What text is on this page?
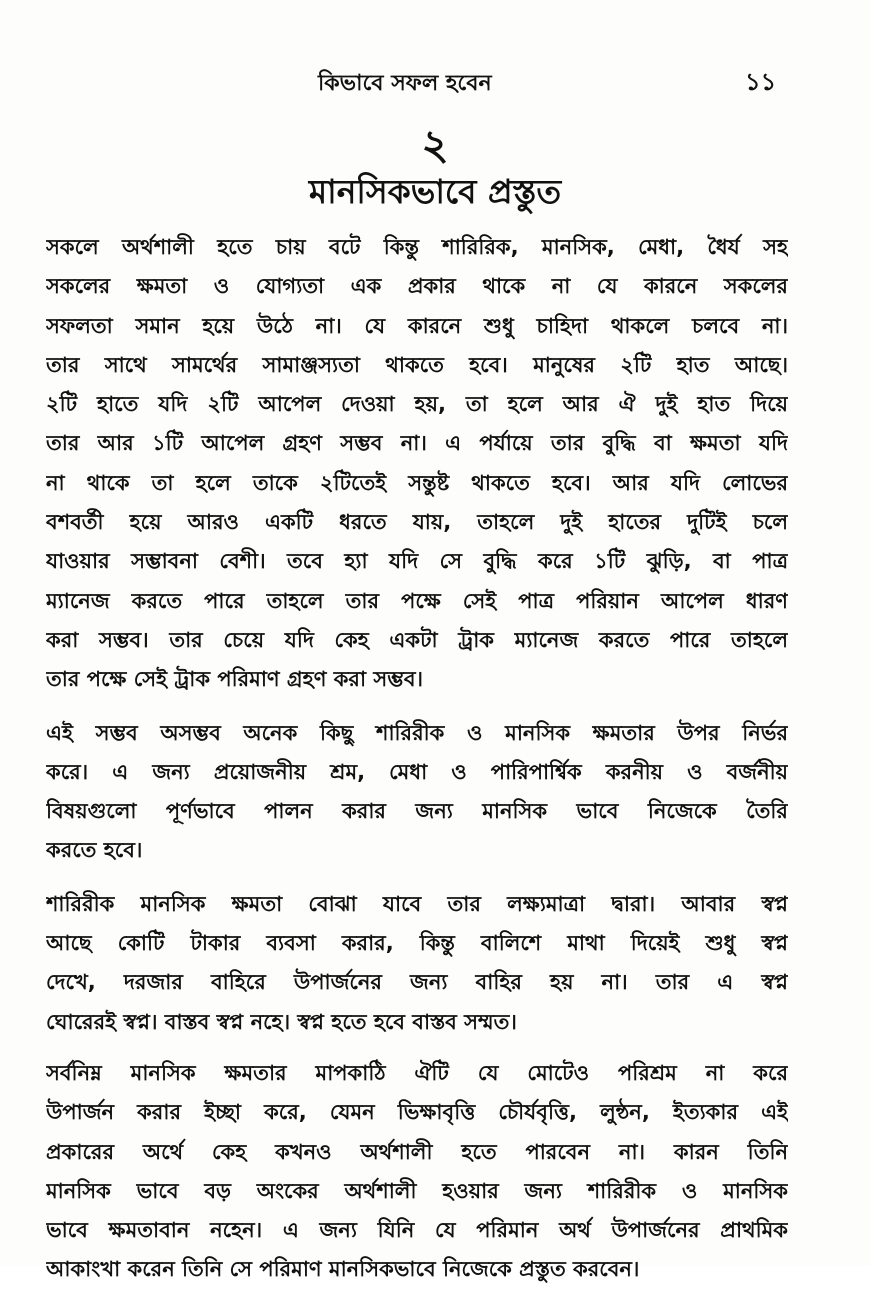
কিভাবে সফল হবেন	১১
২
মানসিকভাবে প্রস্তুত
সকলে অর্থশালী হতে চায় বটে কিন্তু শারিরিক, মানসিক, মেধা, ধৈর্য সহ
সকলের ক্ষমতা ও যোগ্যতা এক প্রকার থাকে না যে কারনে সকলের
সফলতা সমান হয়ে উঠে না। যে কারনে শুধু চাহিদা থাকলে চলবে না।
তার সাথে সামর্থের সামাঞ্জস্যতা থাকতে হবে। মানুষের ২টি হাত আছে।
২টি হাতে যদি ২টি আপেল দেওয়া হয়, তা হলে আর ঐ দুই হাত দিয়ে
তার আর ১টি আপেল গ্রহণ সম্ভব না। এ পর্যায়ে তার বুদ্ধি বা ক্ষমতা যদি
না থাকে তা হলে তাকে ২টিতেই সন্তুষ্ট থাকতে হবে। আর যদি লোভের
বশবর্তী হয়ে আরও একটি ধরতে যায়, তাহলে দুই হাতের দুটিই চলে
যাওয়ার সম্ভাবনা বেশী। তবে হ্যা যদি সে বুদ্ধি করে ১টি ঝুড়ি, বা পাত্র
ম্যানেজ করতে পারে তাহলে তার পক্ষে সেই পাত্র পরিয়ান আপেল ধারণ
করা সম্ভব। তার চেয়ে যদি কেহ একটা ট্রাক ম্যানেজ করতে পারে তাহলে
তার পক্ষে সেই ট্রাক পরিমাণ গ্রহণ করা সম্ভব।
এই সম্ভব অসম্ভব অনেক কিছু শারিরীক ও মানসিক ক্ষমতার উপর নির্ভর
করে। এ জন্য প্রয়োজনীয় শ্রম, মেধা ও পারিপার্শ্বিক করনীয় ও বর্জনীয়
বিষয়গুলো পূর্ণভাবে পালন করার জন্য মানসিক ভাবে নিজেকে তৈরি
করতে হবে।
শারিরীক মানসিক ক্ষমতা বোঝা যাবে তার লক্ষ্যমাত্রা দ্বারা। আবার স্বপ্ন
আছে কোটি টাকার ব্যবসা করার, কিন্তু বালিশে মাথা দিয়েই শুধু স্বপ্ন
দেখে, দরজার বাহিরে উপার্জনের জন্য বাহির হয় না। তার এ স্বপ্ন
ঘোরেরই স্বপ্ন। বাস্তব স্বপ্ন নহে। স্বপ্ন হতে হবে বাস্তব সম্মত।
সর্বনিম্ন মানসিক ক্ষমতার মাপকাঠি ঐটি যে মোটেও পরিশ্রম না করে
উপার্জন করার ইচ্ছা করে, যেমন ভিক্ষাবৃত্তি চৌর্যবৃত্তি, লুন্ঠন, ইত্যকার এই
প্রকারের অর্থে কেহ কখনও অর্থশালী হতে পারবেন না। কারন তিনি
মানসিক ভাবে বড় অংকের অর্থশালী হওয়ার জন্য শারিরীক ও মানসিক
ভাবে ক্ষমতাবান নহেন। এ জন্য যিনি যে পরিমান অর্থ উপার্জনের প্রাথমিক
আকাংখা করেন তিনি সে পরিমাণ মানসিকভাবে নিজেকে প্রস্তুত করবেন।
